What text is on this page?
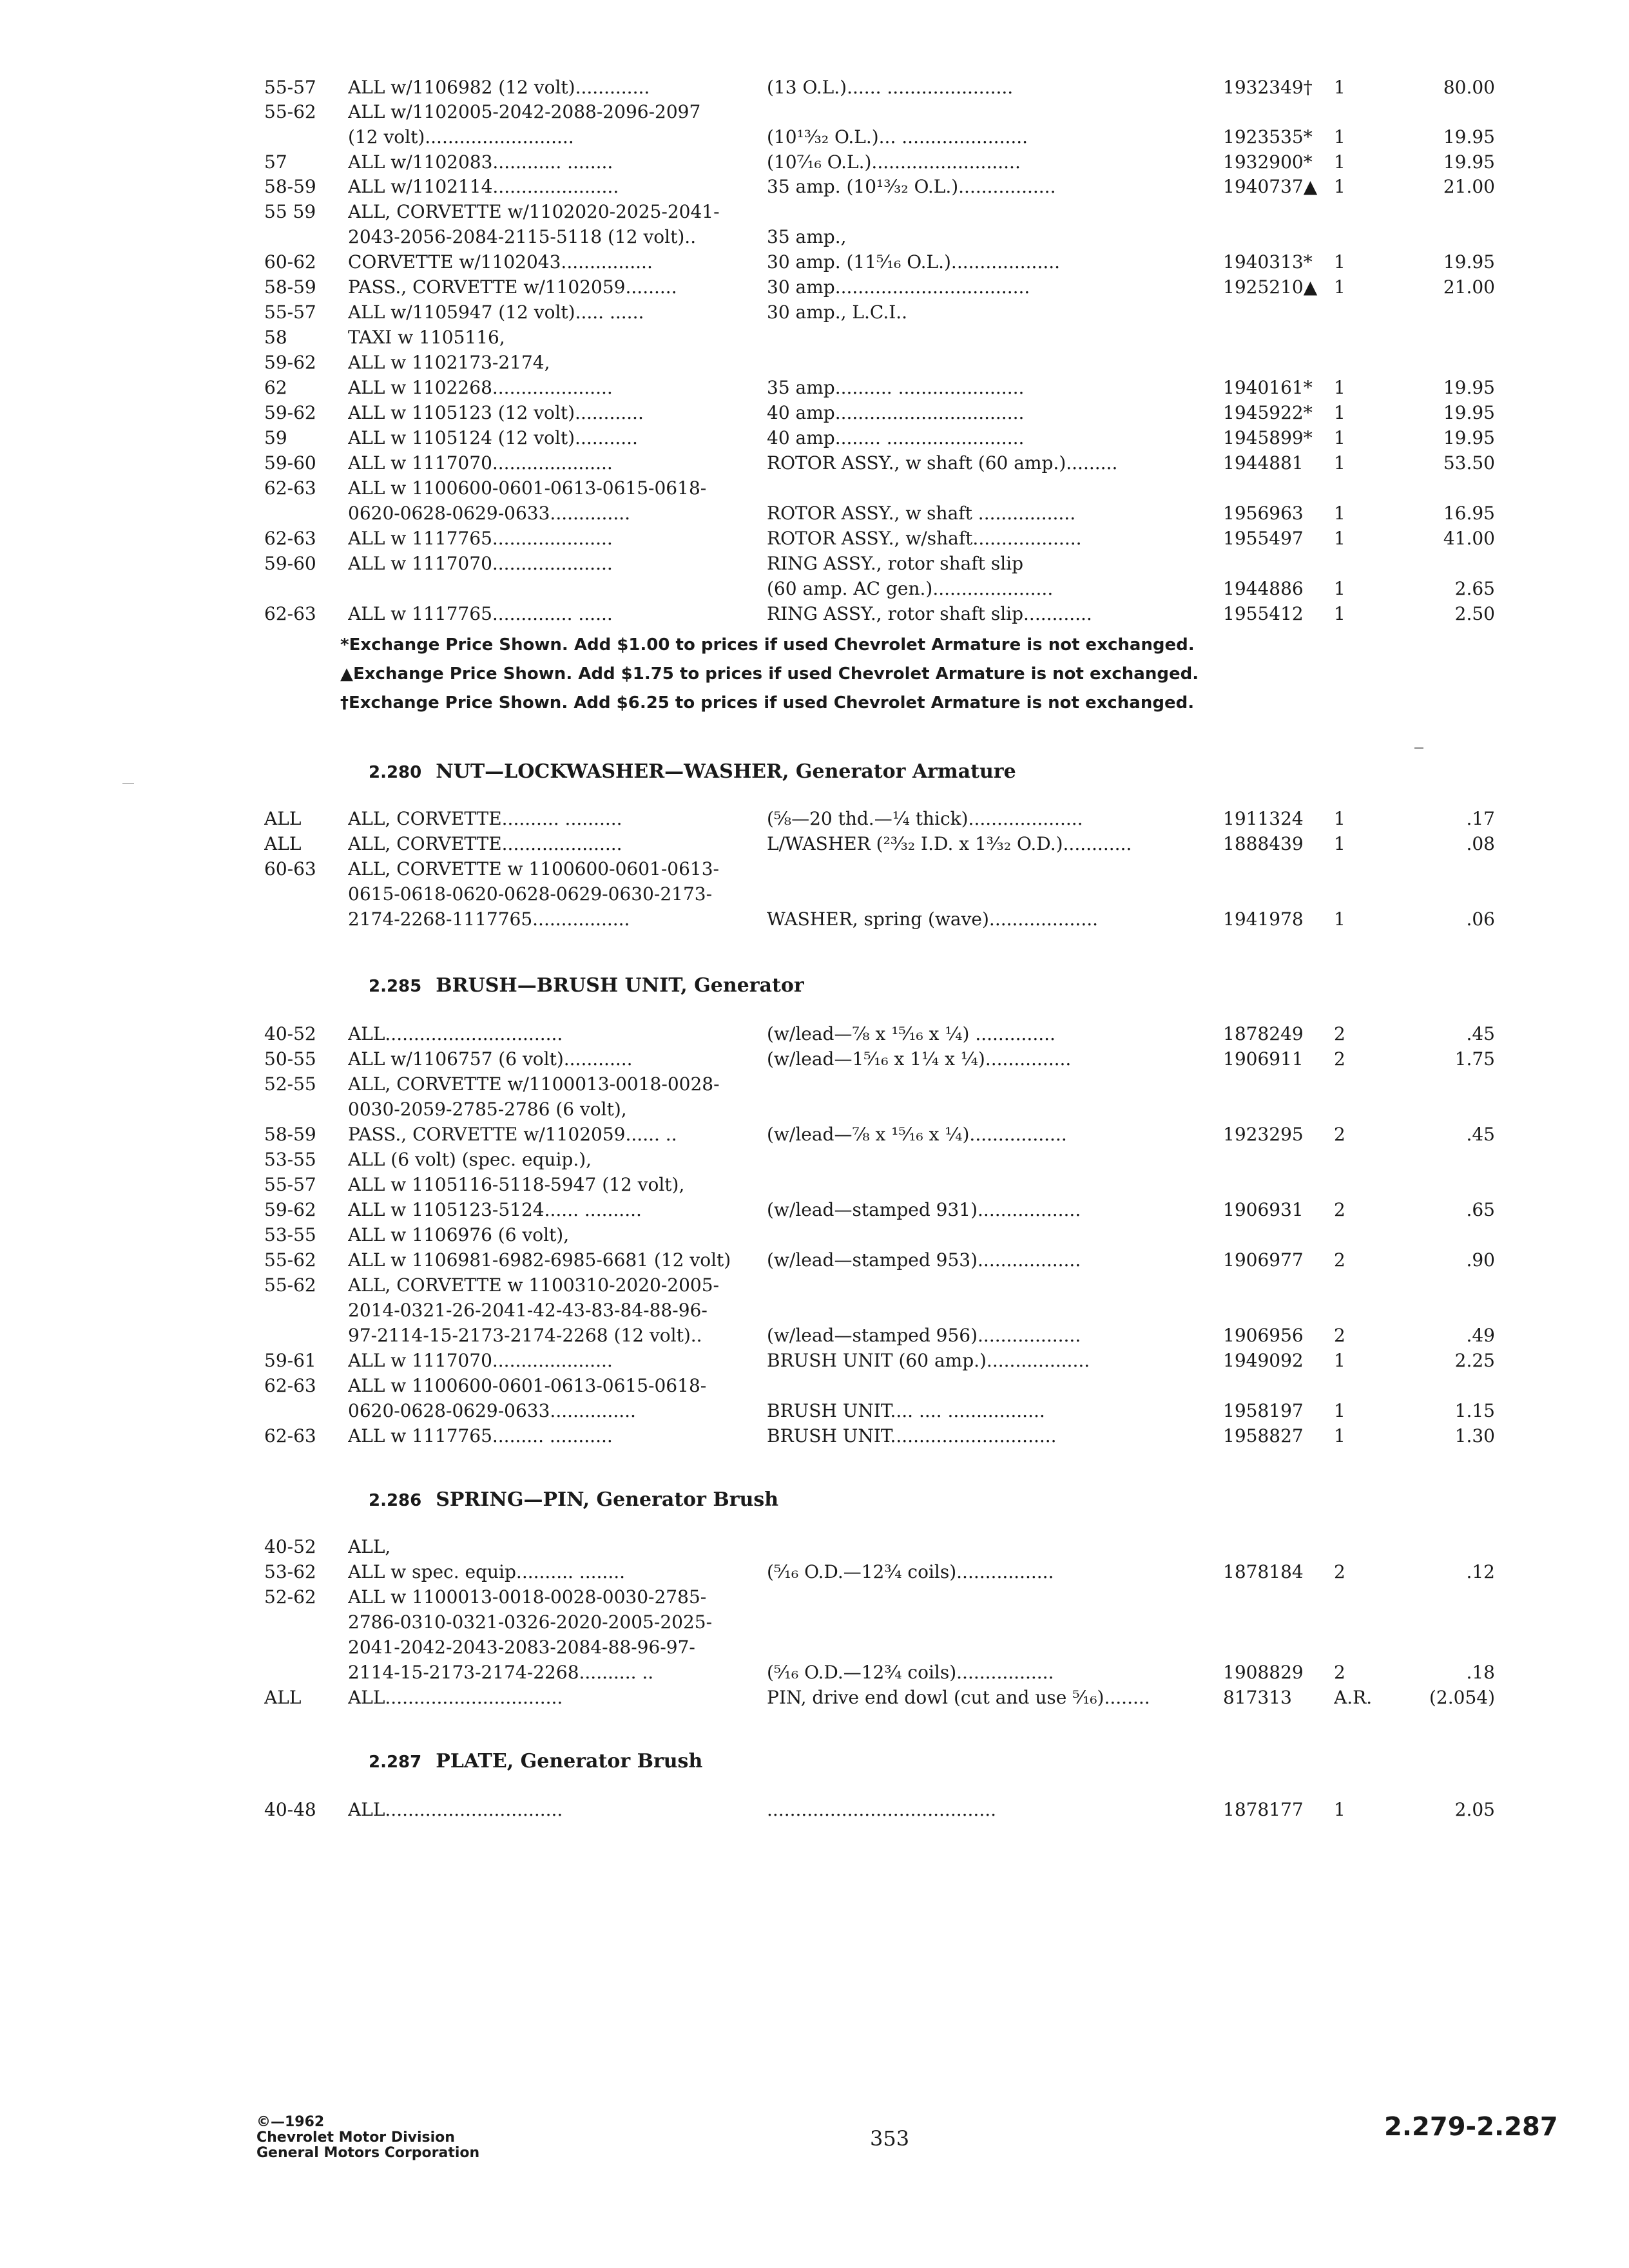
55-57	ALL w/1106982 (12 volt).............	(13 O.L.)...... ......................	1932349†	1	80.00
55-62	ALL w/1102005-2042-2088-2096-2097
(12 volt)..........................	(10¹³⁄₃₂ O.L.)... ......................	1923535*	1	19.95
57	ALL w/1102083............ ........	(10⁷⁄₁₆ O.L.)..........................	1932900*	1	19.95
58-59	ALL w/1102114......................	35 amp. (10¹³⁄₃₂ O.L.).................	1940737▲ 1	21.00
55 59	ALL, CORVETTE w/1102020-2025-2041-
2043-2056-2084-2115-5118 (12 volt)..	35 amp.,
60-62	CORVETTE w/1102043................	30 amp. (11⁵⁄₁₆ O.L.)...................	1940313*	1	19.95
58-59	PASS., CORVETTE w/1102059.........	30 amp..................................	1925210▲ 1	21.00
55-57	ALL w/1105947 (12 volt)..... ......	30 amp., L.C.I..
58	TAXI w 1105116,
59-62	ALL w 1102173-2174,
62	ALL w 1102268.....................	35 amp.......... ......................	1940161*	1	19.95
59-62	ALL w 1105123 (12 volt)............	40 amp.................................	1945922*	1	19.95
59	ALL w 1105124 (12 volt)...........	40 amp........ ........................	1945899*	1	19.95
59-60	ALL w 1117070.....................	ROTOR ASSY., w shaft (60 amp.).........	1944881	1	53.50
62-63	ALL w 1100600-0601-0613-0615-0618-
0620-0628-0629-0633..............	ROTOR ASSY., w shaft .................	1956963	1	16.95
62-63	ALL w 1117765.....................	ROTOR ASSY., w/shaft...................	1955497	1	41.00
59-60	ALL w 1117070.....................	RING ASSY., rotor shaft slip
(60 amp. AC gen.).....................	1944886	1	2.65
62-63	ALL w 1117765.............. ......	RING ASSY., rotor shaft slip............	1955412	1	2.50
*Exchange Price Shown. Add $1.00 to prices if used Chevrolet Armature is not exchanged.
▲Exchange Price Shown. Add $1.75 to prices if used Chevrolet Armature is not exchanged.
†Exchange Price Shown. Add $6.25 to prices if used Chevrolet Armature is not exchanged.
2.280 NUT—LOCKWASHER—WASHER, Generator Armature
ALL	ALL, CORVETTE.......... ..........	(⅝—20 thd.—¼ thick)....................	1911324	1	.17
ALL	ALL, CORVETTE.....................	L/WASHER (²³⁄₃₂ I.D. x 1³⁄₃₂ O.D.)............	1888439	1	.08
60-63	ALL, CORVETTE w 1100600-0601-0613-
0615-0618-0620-0628-0629-0630-2173-
2174-2268-1117765.................	WASHER, spring (wave)...................	1941978	1	.06
2.285 BRUSH—BRUSH UNIT, Generator
40-52	ALL...............................	(w/lead—⅞ x ¹⁵⁄₁₆ x ¼) ..............	1878249	2	.45
50-55	ALL w/1106757 (6 volt)............	(w/lead—1⁵⁄₁₆ x 1¼ x ¼)...............	1906911	2	1.75
52-55	ALL, CORVETTE w/1100013-0018-0028-
0030-2059-2785-2786 (6 volt),
58-59	PASS., CORVETTE w/1102059...... ..	(w/lead—⅞ x ¹⁵⁄₁₆ x ¼).................	1923295	2	.45
53-55	ALL (6 volt) (spec. equip.),
55-57	ALL w 1105116-5118-5947 (12 volt),
59-62	ALL w 1105123-5124...... ..........	(w/lead—stamped 931)..................	1906931	2	.65
53-55	ALL w 1106976 (6 volt),
55-62	ALL w 1106981-6982-6985-6681 (12 volt) (w/lead—stamped 953)..................	1906977	2	.90
55-62	ALL, CORVETTE w 1100310-2020-2005-
2014-0321-26-2041-42-43-83-84-88-96-
97-2114-15-2173-2174-2268 (12 volt)..	(w/lead—stamped 956)..................	1906956	2	.49
59-61	ALL w 1117070.....................	BRUSH UNIT (60 amp.)..................	1949092	1	2.25
62-63	ALL w 1100600-0601-0613-0615-0618-
0620-0628-0629-0633...............	BRUSH UNIT.... .... .................	1958197	1	1.15
62-63	ALL w 1117765......... ...........	BRUSH UNIT.............................	1958827	1	1.30
2.286 SPRING—PIN, Generator Brush
40-52	ALL,
53-62	ALL w spec. equip.......... ........	(⁵⁄₁₆ O.D.—12¾ coils).................	1878184	2	.12
52-62	ALL w 1100013-0018-0028-0030-2785-
2786-0310-0321-0326-2020-2005-2025-
2041-2042-2043-2083-2084-88-96-97-
2114-15-2173-2174-2268.......... ..	(⁵⁄₁₆ O.D.—12¾ coils).................	1908829	2	.18
ALL	ALL...............................	PIN, drive end dowl (cut and use ⁵⁄₁₆)........	817313	A.R.	(2.054)
2.287 PLATE, Generator Brush
40-48	ALL...............................	........................................	1878177	1	2.05
©—1962
Chevrolet Motor Division
General Motors Corporation
353	2.279-2.287
